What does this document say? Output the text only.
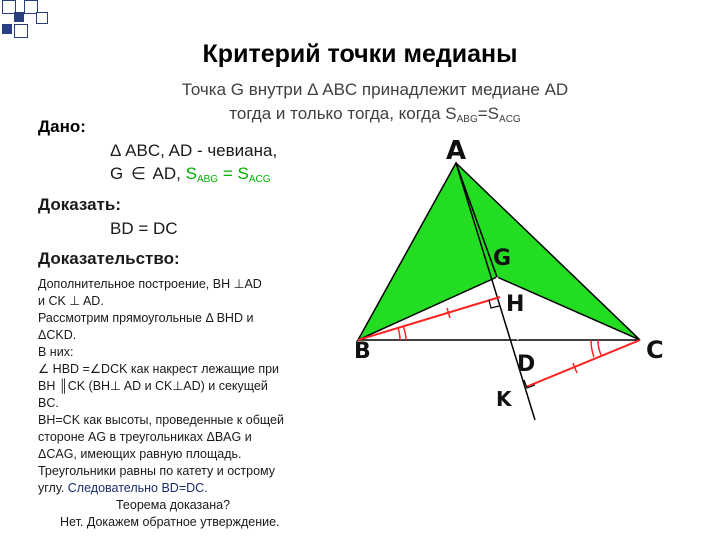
Критерий точки медианы
Точка G внутри Δ ABC принадлежит медиане AD
тогда и только тогда, когда $S_{ABG}=S_{ACG}$
Дано:
Δ ABC, AD - чевиана,
G ∈ AD, $S_{ABG} = S_{ACG}$
Доказать:
BD = DC
Доказательство:
Дополнительное построение, BH ⊥AD
и CK ⊥ AD.
Рассмотрим прямоугольные Δ BHD и
ΔCKD.
В них:
∠ HBD =∠DCK как накрест лежащие при
BH ║CK (BH⊥ AD и CK⊥AD) и секущей
BC.
BH=CK как высоты, проведенные к общей
стороне AG в треугольниках ΔBAG и
ΔCAG, имеющих равную площадь.
Треугольники равны по катету и острому
углу. Следовательно BD=DC.
Теорема доказана?
Нет. Докажем обратное утверждение.
A
B	C
G
H
D
K
